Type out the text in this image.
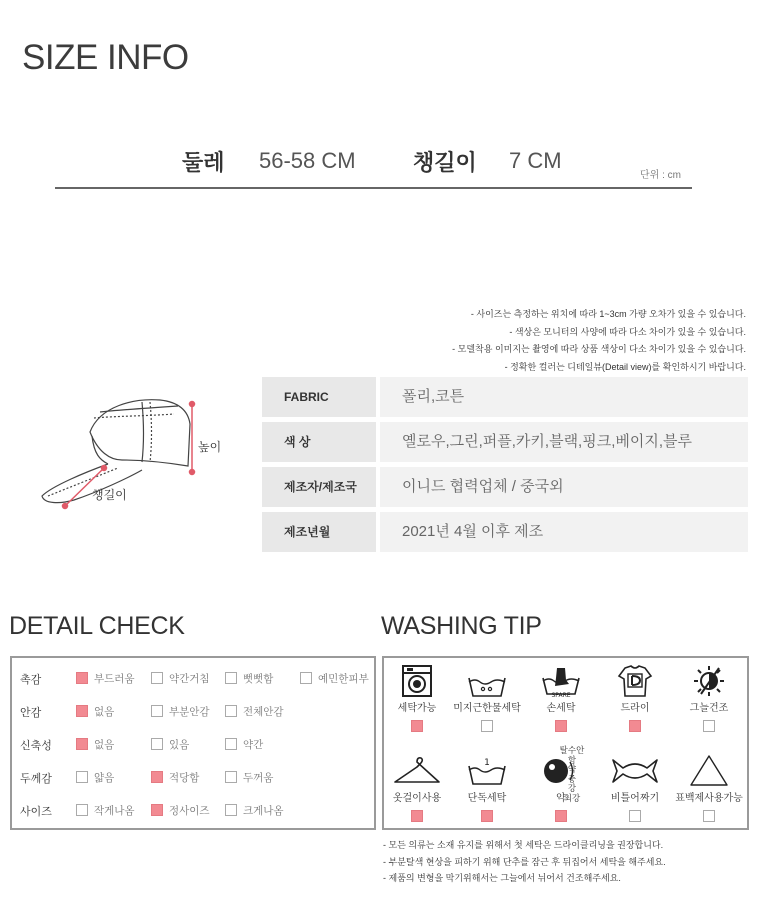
SIZE INFO
둘레 56-58 CM	챙길이 7 CM
단위 : cm
- 사이즈는 측정하는 위치에 따라 1~3cm 가량 오차가 있을 수 있습니다.
- 색상은 모니터의 사양에 따라 다소 차이가 있을 수 있습니다.
- 모델착용 이미지는 촬영에 따라 상품 색상이 다소 차이가 있을 수 있습니다.
- 정확한 컬러는 디테일뷰(Detail view)를 확인하시기 바랍니다.
높이
챙길이
FABRIC	폴리,코튼
색 상	옐로우,그린,퍼플,카키,블랙,핑크,베이지,블루
제조자/제조국	이니드 협력업체 / 중국외
제조년월	2021년 4월 이후 제조
DETAIL CHECK
촉감	부드러움	약간거침	뻣뻣함	예민한피부
안감	없음	부분안감	전체안감
신축성	없음	있음	약간
두께감	얇음	적당함	두꺼움
사이즈	작게나옴	정사이즈	크게나옴
WASHING TIP
세탁가능	미지근한물세탁
SPARE
손세탁	드라이	그늘건조
옷걸이사용
1
단독세탁	약
탈수안함
약
중
강
최강	비틀어짜기	표백제사용가능
- 모든 의류는 소재 유지를 위해서 첫 세탁은 드라이클리닝을 권장합니다.
- 부분탈색 현상을 피하기 위해 단추를 잠근 후 뒤집어서 세탁을 해주세요.
- 제품의 변형을 막기위해서는 그늘에서 뉘어서 건조해주세요.
